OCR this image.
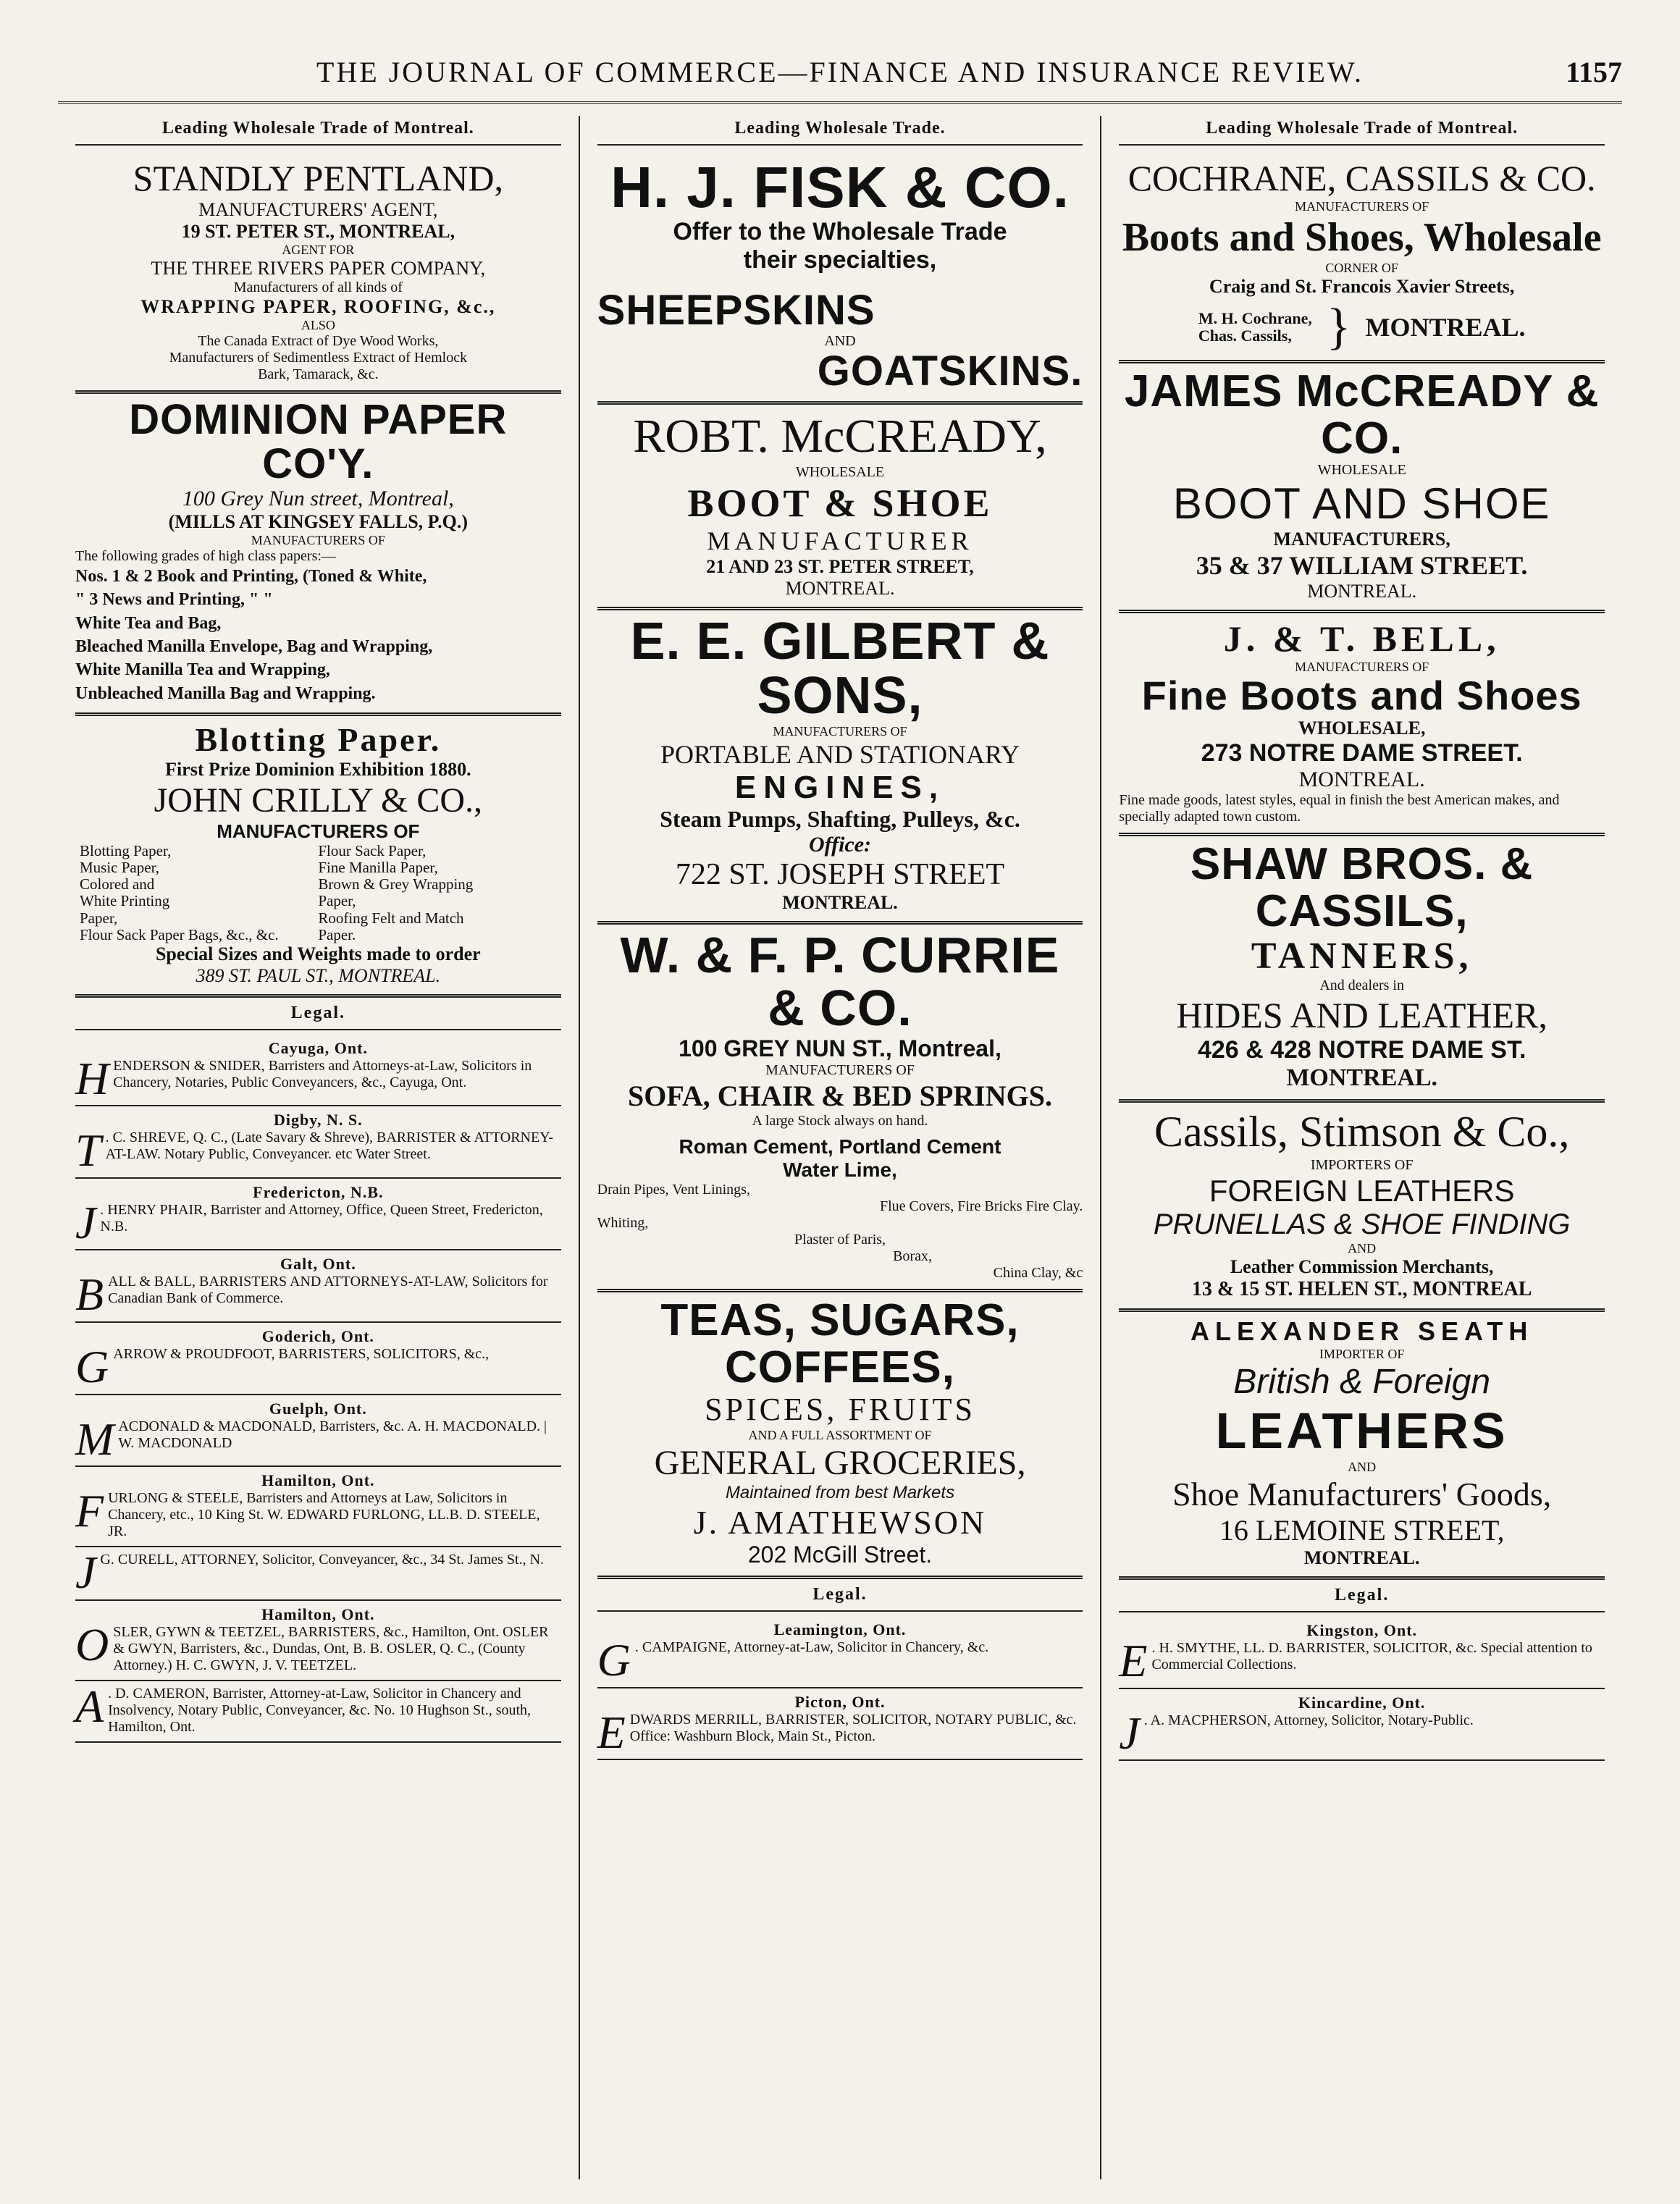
THE JOURNAL OF COMMERCE—FINANCE AND INSURANCE REVIEW.	1157
Leading Wholesale Trade of Montreal.
STANDLY PENTLAND,
MANUFACTURERS' AGENT,
19 ST. PETER ST., MONTREAL,
AGENT FOR
THE THREE RIVERS PAPER COMPANY,
Manufacturers of all kinds of
WRAPPING PAPER, ROOFING, &c.,
ALSO
The Canada Extract of Dye Wood Works,
Manufacturers of Sedimentless Extract of Hemlock
Bark, Tamarack, &c.
DOMINION PAPER CO'Y.
100 Grey Nun street, Montreal,
(MILLS AT KINGSEY FALLS, P.Q.)
MANUFACTURERS OF
The following grades of high class papers:—
Nos. 1 & 2 Book and Printing, (Toned & White,
" 3 News and Printing, " "
White Tea and Bag,
Bleached Manilla Envelope, Bag and Wrapping,
White Manilla Tea and Wrapping,
Unbleached Manilla Bag and Wrapping.
Blotting Paper.
First Prize Dominion Exhibition 1880.
JOHN CRILLY & CO.,
MANUFACTURERS OF
Blotting Paper,	Flour Sack Paper,
Music Paper,	Fine Manilla Paper,
Colored and	Brown & Grey Wrapping
White Printing	Paper,
Paper,	Roofing Felt and Match
Flour Sack Paper Bags, &c., &c.	Paper.
Special Sizes and Weights made to order
389 ST. PAUL ST., MONTREAL.
Legal.
Cayuga, Ont.
HENDERSON & SNIDER, Barristers and Attorneys-at-Law, Solicitors in Chancery, Notaries, Public Conveyancers, &c., Cayuga, Ont.
Digby, N. S.
T . C. SHREVE, Q. C., (Late Savary & Shreve), BARRISTER & ATTORNEY-AT-LAW. Notary Public, Conveyancer. etc Water Street.
Fredericton, N.B.
J . HENRY PHAIR, Barrister and Attorney, Office, Queen Street, Fredericton, N.B.
Galt, Ont.
BALL & BALL, BARRISTERS AND ATTORNEYS-AT-LAW, Solicitors for Canadian Bank of Commerce.
Goderich, Ont.
GARROW & PROUDFOOT, BARRISTERS, SOLICITORS, &c.,
Guelph, Ont.
MACDONALD & MACDONALD, Barristers, &c. A. H. MACDONALD. | W. MACDONALD
Hamilton, Ont.
FURLONG & STEELE, Barristers and Attorneys at Law, Solicitors in Chancery, etc., 10 King St. W. EDWARD FURLONG, LL.B. D. STEELE, JR.
J G. CURELL, ATTORNEY, Solicitor, Conveyancer, &c., 34 St. James St., N.
Hamilton, Ont.
OSLER, GYWN & TEETZEL, BARRISTERS, &c., Hamilton, Ont. OSLER & GWYN, Barristers, &c., Dundas, Ont, B. B. OSLER, Q. C., (County Attorney.) H. C. GWYN, J. V. TEETZEL.
A . D. CAMERON, Barrister, Attorney-at-Law, Solicitor in Chancery and Insolvency, Notary Public, Conveyancer, &c. No. 10 Hughson St., south, Hamilton, Ont.
Leading Wholesale Trade.
H. J. FISK & CO.
Offer to the Wholesale Trade
their specialties,
SHEEPSKINS
AND
GOATSKINS.
ROBT. McCREADY,
WHOLESALE
BOOT & SHOE
MANUFACTURER
21 AND 23 ST. PETER STREET,
MONTREAL.
E. E. GILBERT & SONS,
MANUFACTURERS OF
PORTABLE AND STATIONARY
ENGINES,
Steam Pumps, Shafting, Pulleys, &c.
Office:
722 ST. JOSEPH STREET
MONTREAL.
W. & F. P. CURRIE & CO.
100 GREY NUN ST., Montreal,
MANUFACTURERS OF
SOFA, CHAIR & BED SPRINGS.
A large Stock always on hand.
Roman Cement, Portland Cement
Water Lime,
Drain Pipes, Vent Linings,
Flue Covers, Fire Bricks Fire Clay.
Whiting,
Plaster of Paris,
Borax,
China Clay, &c
TEAS, SUGARS, COFFEES,
SPICES, FRUITS
AND A FULL ASSORTMENT OF
GENERAL GROCERIES,
Maintained from best Markets
J. AMATHEWSON
202 McGill Street.
Legal.
Leamington, Ont.
G . CAMPAIGNE, Attorney-at-Law, Solicitor in Chancery, &c.
Picton, Ont.
EDWARDS MERRILL, BARRISTER, SOLICITOR, NOTARY PUBLIC, &c. Office: Washburn Block, Main St., Picton.
Leading Wholesale Trade of Montreal.
COCHRANE, CASSILS & CO.
MANUFACTURERS OF
Boots and Shoes, Wholesale
CORNER OF
Craig and St. Francois Xavier Streets,
M. H. Cochrane,
Chas. Cassils, } MONTREAL.
JAMES McCREADY & CO.
WHOLESALE
BOOT AND SHOE
MANUFACTURERS,
35 & 37 WILLIAM STREET.
MONTREAL.
J. & T. BELL,
MANUFACTURERS OF
Fine Boots and Shoes
WHOLESALE,
273 NOTRE DAME STREET.
MONTREAL.
Fine made goods, latest styles, equal in finish the best American makes, and specially adapted town custom.
SHAW BROS. & CASSILS,
TANNERS,
And dealers in
HIDES AND LEATHER,
426 & 428 NOTRE DAME ST.
MONTREAL.
Cassils, Stimson & Co.,
IMPORTERS OF
FOREIGN LEATHERS
PRUNELLAS & SHOE FINDING
AND
Leather Commission Merchants,
13 & 15 ST. HELEN ST., MONTREAL
ALEXANDER SEATH
IMPORTER OF
British & Foreign
LEATHERS
AND
Shoe Manufacturers' Goods,
16 LEMOINE STREET,
MONTREAL.
Legal.
Kingston, Ont.
E . H. SMYTHE, LL. D. BARRISTER, SOLICITOR, &c. Special attention to Commercial Collections.
Kincardine, Ont.
J . A. MACPHERSON, Attorney, Solicitor, Notary-Public.
